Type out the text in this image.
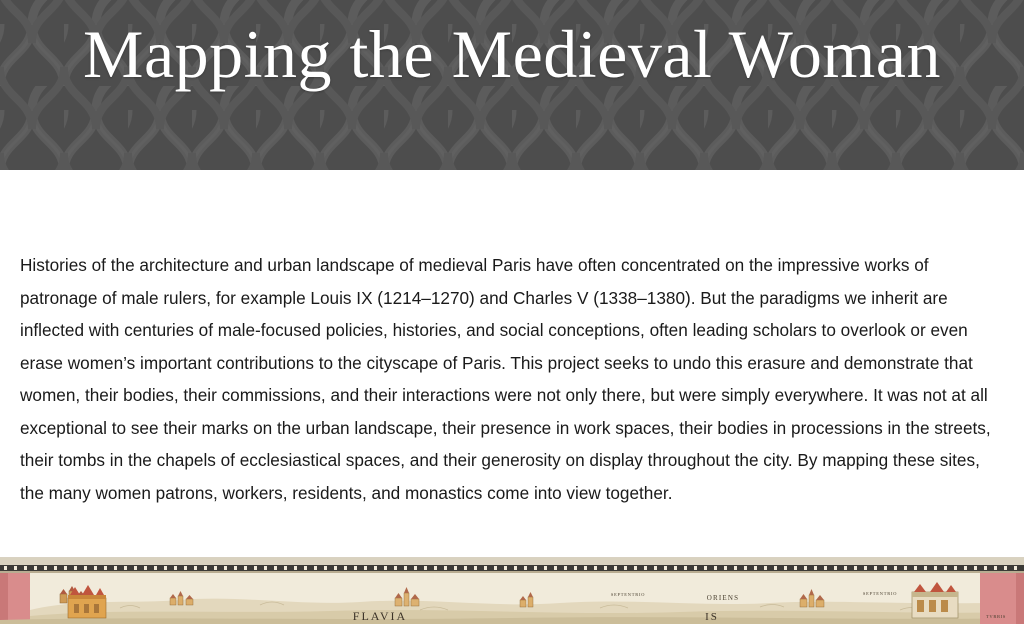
Mapping the Medieval Woman

Histories of the architecture and urban landscape of medieval Paris have often concentrated on the impressive works of patronage of male rulers, for example Louis IX (1214–1270) and Charles V (1338–1380). But the paradigms we inherit are inflected with centuries of male-focused policies, histories, and social conceptions, often leading scholars to overlook or even erase women’s important contributions to the cityscape of Paris. This project seeks to undo this erasure and demonstrate that women, their bodies, their commissions, and their interactions were not only there, but were simply everywhere. It was not at all exceptional to see their marks on the urban landscape, their presence in work spaces, their bodies in processions in the streets, their tombs in the chapels of ecclesiastical spaces, and their generosity on display throughout the city. By mapping these sites, the many women patrons, workers, residents, and monastics come into view together.

ORIENS
SEPTENTRIO	SEPTENTRIO
FLAVIA	IS	TVRRIS
